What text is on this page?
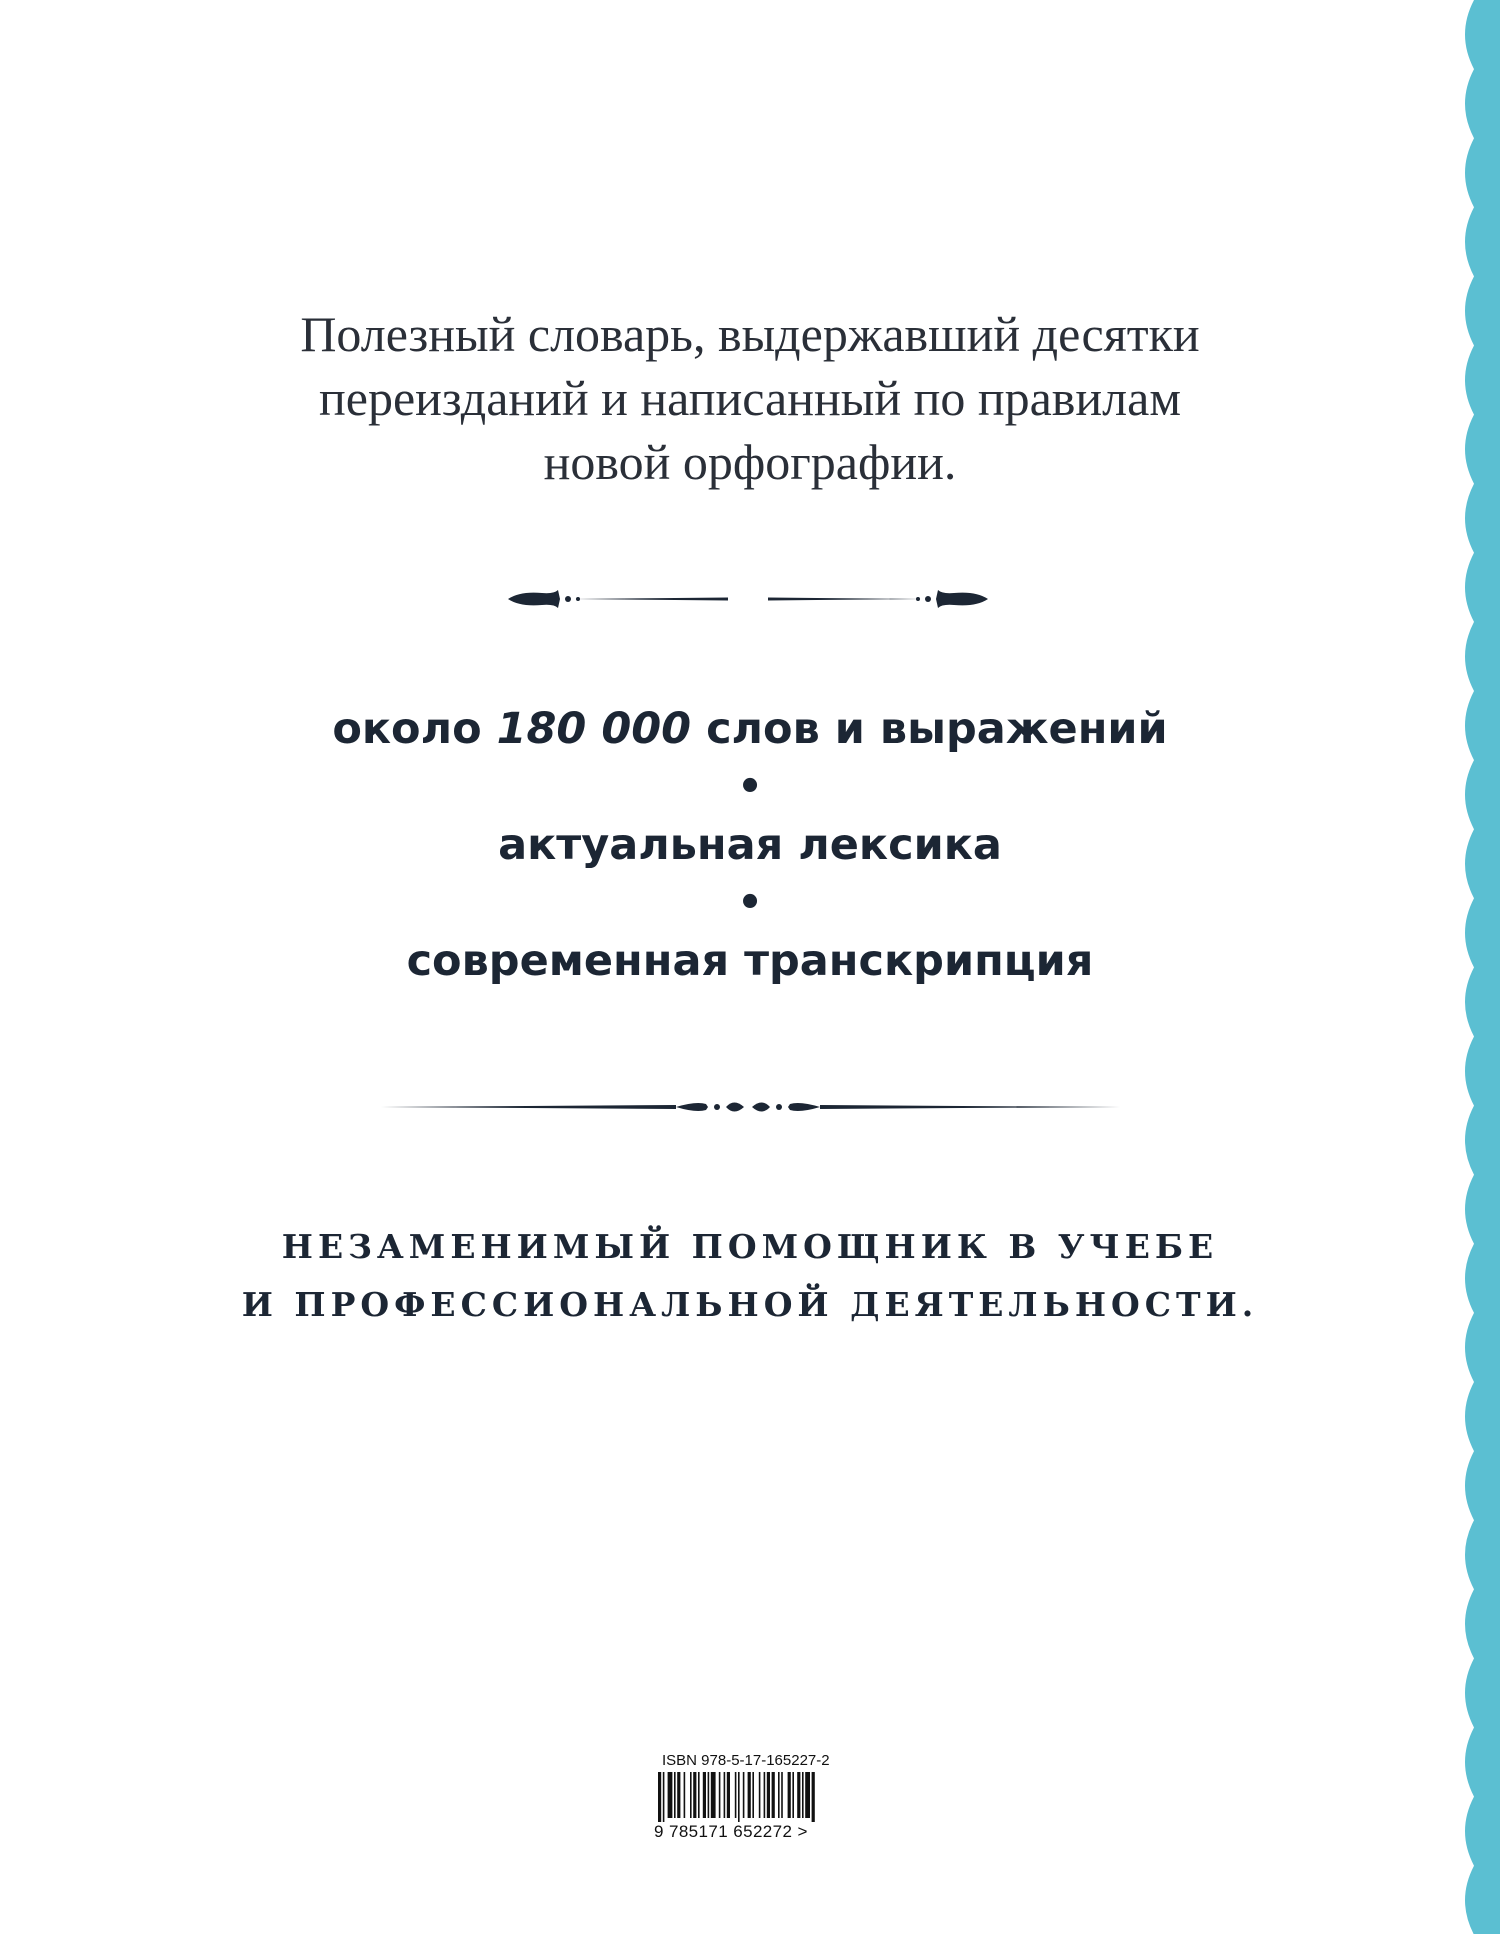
Полезный словарь, выдержавший десятки
переизданий и написанный по правилам
новой орфографии.
около 180 000 слов и выражений
•
актуальная лексика
•
современная транскрипция
НЕЗАМЕНИМЫЙ ПОМОЩНИК В УЧЕБЕ
И ПРОФЕССИОНАЛЬНОЙ ДЕЯТЕЛЬНОСТИ.
ISBN 978-5-17-165227-2
9 785171 652272 >
